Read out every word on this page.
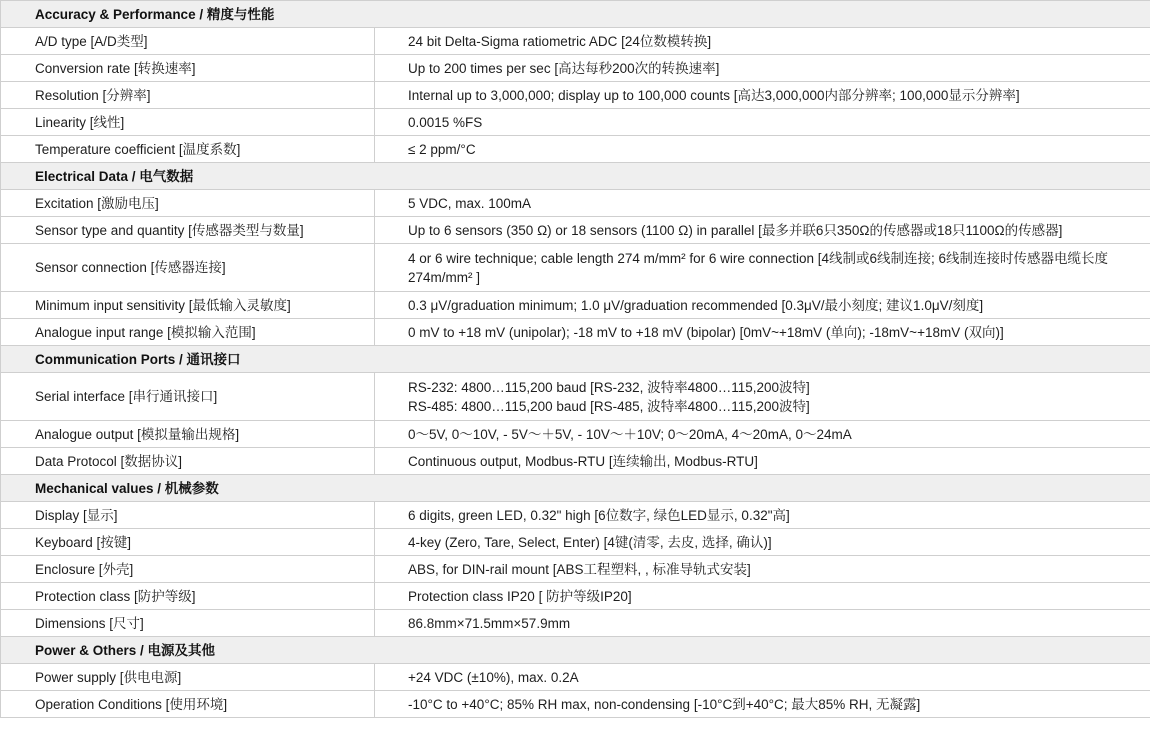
Accuracy & Performance / 精度与性能	
A/D type [A/D类型]	24 bit Delta-Sigma ratiometric ADC [24位数模转换]

Conversion rate [转换速率]	Up to 200 times per sec [高达每秒200次的转换速率]

Resolution [分辨率]	Internal up to 3,000,000; display up to 100,000 counts [高达3,000,000内部分辨率; 100,000显示分辨率]

Linearity [线性]	0.0015 %FS

Temperature coefficient [温度系数]	≤ 2 ppm/°C

Electrical Data / 电气数据	
Excitation [激励电压]	5 VDC, max. 100mA

Sensor type and quantity [传感器类型与数量]	Up to 6 sensors (350 Ω) or 18 sensors (1100 Ω) in parallel [最多并联6只350Ω的传感器或18只1100Ω的传感器]

Sensor connection [传感器连接]	4 or 6 wire technique; cable length 274 m/mm² for 6 wire connection [4线制或6线制连接; 6线制连接时传感器电缆长度274m/mm² ]

Minimum input sensitivity [最低输入灵敏度]	0.3 μV/graduation minimum; 1.0 μV/graduation recommended [0.3μV/最小刻度; 建议1.0μV/刻度]

Analogue input range [模拟输入范围]	0 mV to +18 mV (unipolar); -18 mV to +18 mV (bipolar) [0mV~+18mV (单向); -18mV~+18mV (双向)]

Communication Ports / 通讯接口	
Serial interface [串行通讯接口]	RS-232: 4800…115,200 baud [RS-232, 波特率4800…115,200波特]
RS-485: 4800…115,200 baud [RS-485, 波特率4800…115,200波特]

Analogue output [模拟量输出规格]	0～5V, 0～10V, - 5V～＋5V, - 10V～＋10V; 0～20mA, 4～20mA, 0～24mA

Data Protocol [数据协议]	Continuous output, Modbus-RTU [连续输出, Modbus-RTU]

Mechanical values / 机械参数	
Display [显示]	6 digits, green LED, 0.32" high [6位数字, 绿色LED显示, 0.32"高]

Keyboard [按键]	4-key (Zero, Tare, Select, Enter) [4键(清零, 去皮, 选择, 确认)]

Enclosure [外壳]	ABS, for DIN-rail mount [ABS工程塑料, , 标准导轨式安装]

Protection class [防护等级]	Protection class IP20 [ 防护等级IP20]

Dimensions [尺寸]	86.8mm×71.5mm×57.9mm

Power & Others / 电源及其他	
Power supply [供电电源]	+24 VDC (±10%), max. 0.2A

Operation Conditions [使用环境]	-10°C to +40°C; 85% RH max, non-condensing [-10°C到+40°C; 最大85% RH, 无凝露]
